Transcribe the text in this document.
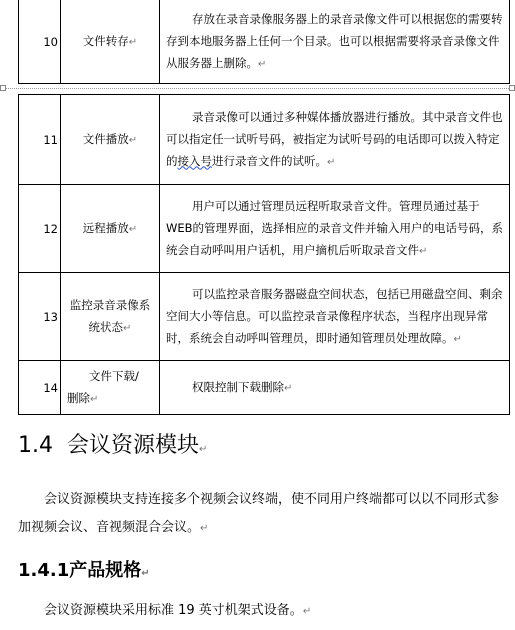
10	文件转存↵	存放在录音录像服务器上的录音录像文件可以根据您的需要转存到本地服务器上任何一个目录。也可以根据需要将录音录像文件从服务器上删除。↵
11	文件播放↵	录音录像可以通过多种媒体播放器进行播放。其中录音文件也可以指定任一试听号码，被指定为试听号码的电话即可以拨入特定的接入号进行录音文件的试听。↵
12	远程播放↵	用户可以通过管理员远程听取录音文件。管理员通过基于WEB的管理界面，选择相应的录音文件并输入用户的电话号码，系统会自动呼叫用户话机，用户摘机后听取录音文件↵
13	监控录音录像系统状态↵	可以监控录音服务器磁盘空间状态，包括已用磁盘空间、剩余空间大小等信息。可以监控录音录像程序状态，当程序出现异常时，系统会自动呼叫管理员，即时通知管理员处理故障。↵
14	文件下载/
删除↵	权限控制下载删除↵
1.4 会议资源模块↵

会议资源模块支持连接多个视频会议终端，使不同用户终端都可以以不同形式参加视频会议、音视频混合会议。↵

1.4.1产品规格↵

会议资源模块采用标准 19 英寸机架式设备。↵
